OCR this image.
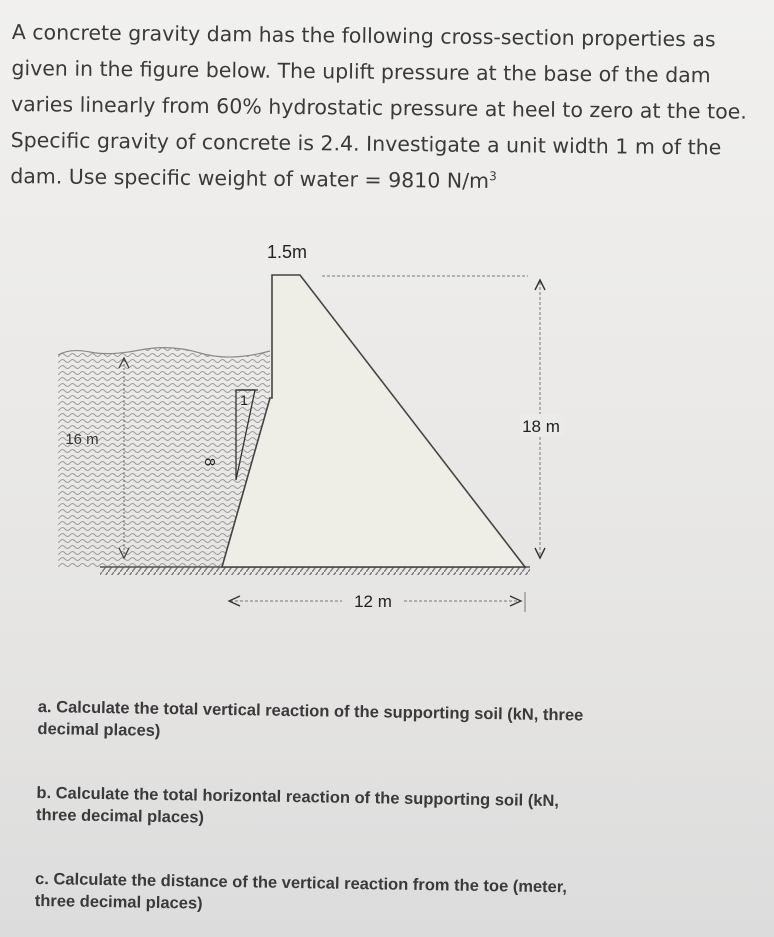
A concrete gravity dam has the following cross-section properties as given in the figure below. The uplift pressure at the base of the dam varies linearly from 60% hydrostatic pressure at heel to zero at the toe. Specific gravity of concrete is 2.4. Investigate a unit width 1 m of the dam. Use specific weight of water = 9810 $N/m^3$

18 m
1.5m
16 m
1
8
12 m

a. Calculate the total vertical reaction of the supporting soil (kN, three
decimal places)

b. Calculate the total horizontal reaction of the supporting soil (kN,
three decimal places)

c. Calculate the distance of the vertical reaction from the toe (meter,
three decimal places)
